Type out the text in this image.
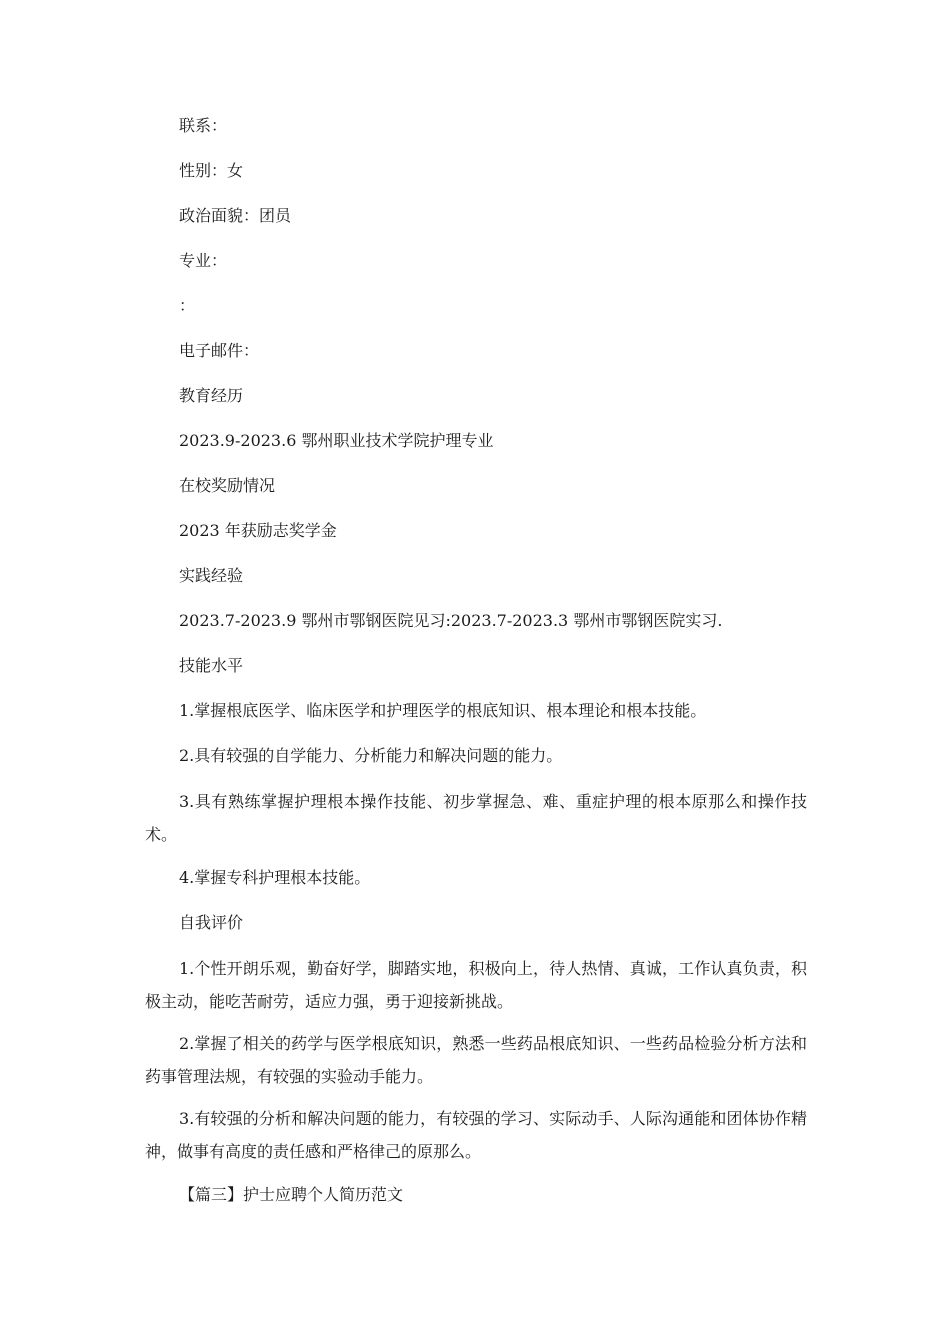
联系：

性别：女

政治面貌：团员

专业：

：

电子邮件：

教育经历

2023.9-2023.6 鄂州职业技术学院护理专业

在校奖励情况

2023 年获励志奖学金

实践经验

2023.7-2023.9 鄂州市鄂钢医院见习:2023.7-2023.3 鄂州市鄂钢医院实习.

技能水平

1.掌握根底医学、临床医学和护理医学的根底知识、根本理论和根本技能。

2.具有较强的自学能力、分析能力和解决问题的能力。

3.具有熟练掌握护理根本操作技能、初步掌握急、难、重症护理的根本原那么和操作技术。

4.掌握专科护理根本技能。

自我评价

1.个性开朗乐观，勤奋好学，脚踏实地，积极向上，待人热情、真诚，工作认真负责，积极主动，能吃苦耐劳，适应力强，勇于迎接新挑战。

2.掌握了相关的药学与医学根底知识，熟悉一些药品根底知识、一些药品检验分析方法和药事管理法规，有较强的实验动手能力。

3.有较强的分析和解决问题的能力，有较强的学习、实际动手、人际沟通能和团体协作精神，做事有高度的责任感和严格律己的原那么。

【篇三】护士应聘个人简历范文
